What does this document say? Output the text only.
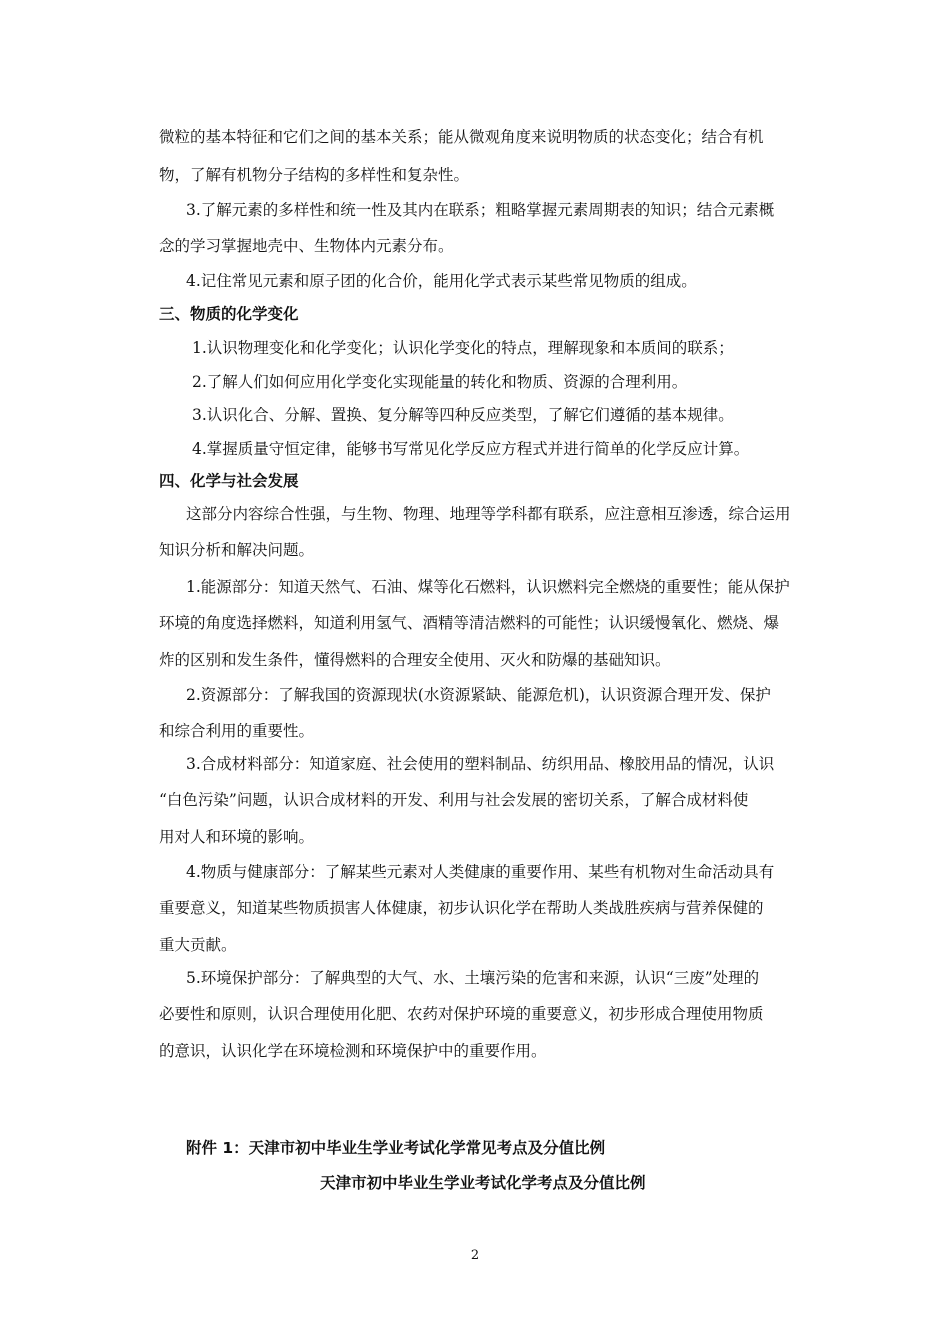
微粒的基本特征和它们之间的基本关系；能从微观角度来说明物质的状态变化；结合有机
物，了解有机物分子结构的多样性和复杂性。
3.了解元素的多样性和统一性及其内在联系；粗略掌握元素周期表的知识；结合元素概
念的学习掌握地壳中、生物体内元素分布。
4.记住常见元素和原子团的化合价，能用化学式表示某些常见物质的组成。
三、物质的化学变化
1.认识物理变化和化学变化；认识化学变化的特点，理解现象和本质间的联系；
2.了解人们如何应用化学变化实现能量的转化和物质、资源的合理利用。
3.认识化合、分解、置换、复分解等四种反应类型，了解它们遵循的基本规律。
4.掌握质量守恒定律，能够书写常见化学反应方程式并进行简单的化学反应计算。
四、化学与社会发展
这部分内容综合性强，与生物、物理、地理等学科都有联系，应注意相互渗透，综合运用
知识分析和解决问题。
1.能源部分：知道天然气、石油、煤等化石燃料，认识燃料完全燃烧的重要性；能从保护
环境的角度选择燃料，知道利用氢气、酒精等清洁燃料的可能性；认识缓慢氧化、燃烧、爆
炸的区别和发生条件，懂得燃料的合理安全使用、灭火和防爆的基础知识。
2.资源部分：了解我国的资源现状(水资源紧缺、能源危机)，认识资源合理开发、保护
和综合利用的重要性。
3.合成材料部分：知道家庭、社会使用的塑料制品、纺织用品、橡胶用品的情况，认识
“白色污染”问题，认识合成材料的开发、利用与社会发展的密切关系，了解合成材料使
用对人和环境的影响。
4.物质与健康部分：了解某些元素对人类健康的重要作用、某些有机物对生命活动具有
重要意义，知道某些物质损害人体健康，初步认识化学在帮助人类战胜疾病与营养保健的
重大贡献。
5.环境保护部分：了解典型的大气、水、土壤污染的危害和来源，认识“三废”处理的
必要性和原则，认识合理使用化肥、农药对保护环境的重要意义，初步形成合理使用物质
的意识，认识化学在环境检测和环境保护中的重要作用。
附件 1：天津市初中毕业生学业考试化学常见考点及分值比例
天津市初中毕业生学业考试化学考点及分值比例
2
